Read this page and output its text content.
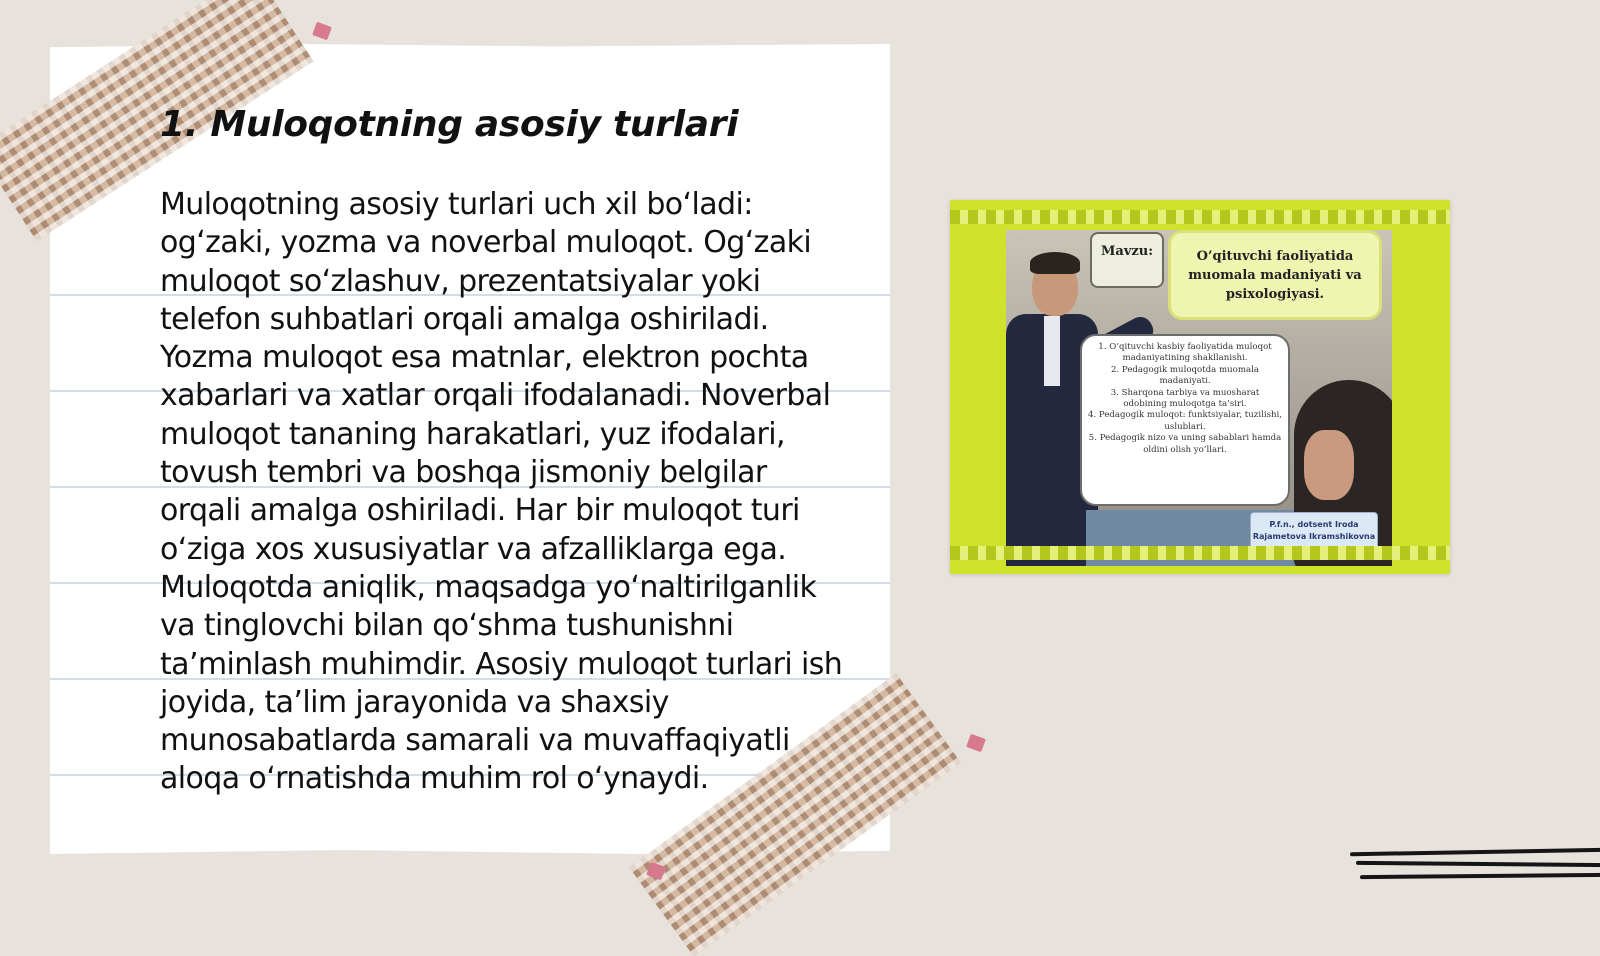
1. Muloqotning asosiy turlari

Muloqotning asosiy turlari uch xil bo‘ladi: og‘zaki, yozma va noverbal muloqot. Og‘zaki muloqot so‘zlashuv, prezentatsiyalar yoki telefon suhbatlari orqali amalga oshiriladi. Yozma muloqot esa matnlar, elektron pochta xabarlari va xatlar orqali ifodalanadi. Noverbal muloqot tananing harakatlari, yuz ifodalari, tovush tembri va boshqa jismoniy belgilar orqali amalga oshiriladi. Har bir muloqot turi o‘ziga xos xususiyatlar va afzalliklarga ega. Muloqotda aniqlik, maqsadga yo‘naltirilganlik va tinglovchi bilan qo‘shma tushunishni ta’minlash muhimdir. Asosiy muloqot turlari ish joyida, ta’lim jarayonida va shaxsiy munosabatlarda samarali va muvaffaqiyatli aloqa o‘rnatishda muhim rol o‘ynaydi.

Mavzu:	O’qituvchi faoliyatida muomala madaniyati va psixologiyasi.
1. O’qituvchi kasbiy faoliyatida muloqot madaniyatining shakllanishi.
2. Pedagogik muloqotda muomala madaniyati.
3. Sharqona tarbiya va muosharat odobining muloqotga ta’siri.
4. Pedagogik muloqot: funktsiyalar, tuzilishi, uslublari.
5. Pedagogik nizo va uning sabablari hamda oldini olish yo’llari.
P.f.n., dotsent Iroda
Rajametova Ikramshikovna
